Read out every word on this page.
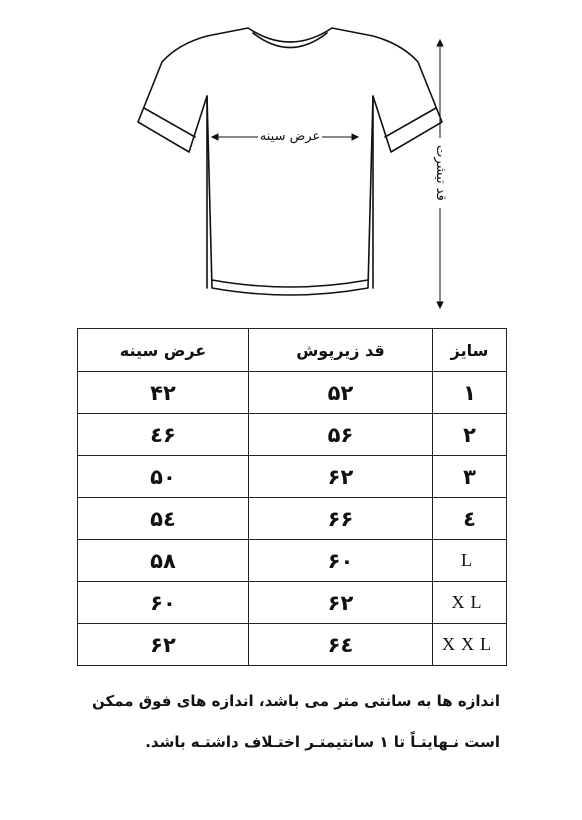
عرض سینه
قد تیشرت
سایز	قد زیرپوش	عرض سینه
۱	۵۲	۴۲
۲	۵۶	٤۶
۳	۶۲	۵۰
٤	۶۶	۵٤
L	۶۰	۵۸
XL	۶۲	۶۰
XXL	۶٤	۶۲
اندازه ها به سانتی متر می باشد، اندازه های فوق ممکن
است نـهایتـاً تا ۱ سانتیمتـر اختـلاف داشتـه باشد.
